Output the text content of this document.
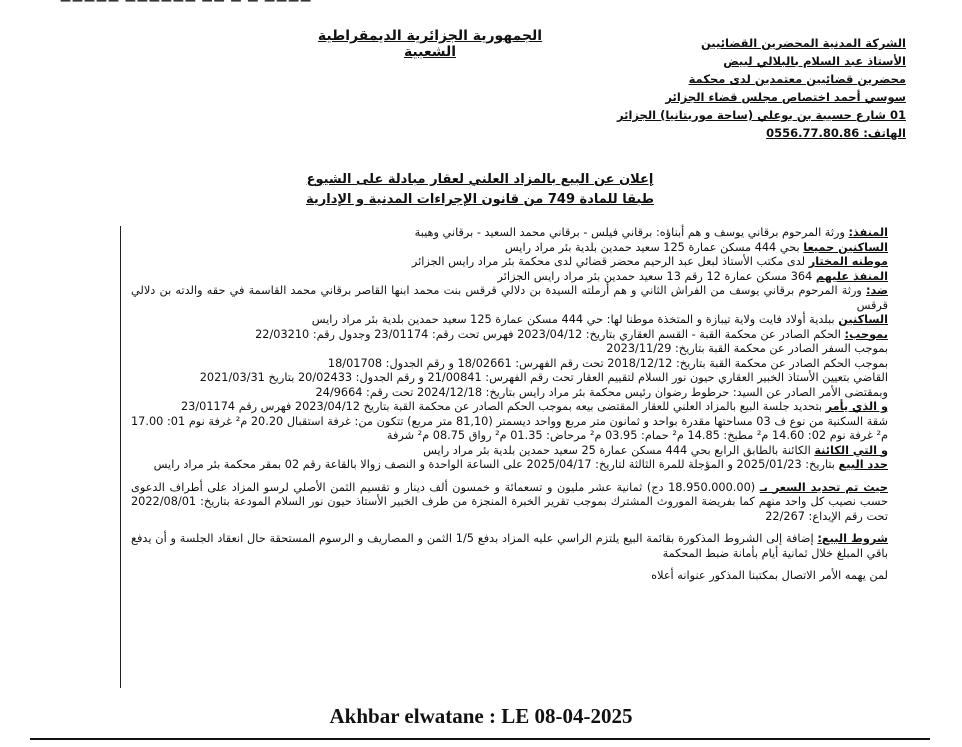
————— —————— —— — — ————
الجمهورية الجزائرية الديمقراطية الشعبية
الشركة المدنية المحضرين القضائيين
الأستاذ عبد السلام بالبلالي لبيض
محضرين قضائيين معتمدين لدى محكمة
سوسي أحمد اختصاص مجلس قضاء الجزائر
01 شارع حسيبة بن بوعلي (ساحة موريتانيا) الجزائر
الهاتف: 0556.77.80.86
إعلان عن البيع بالمزاد العلني لعقار مبادلة على الشيوع
طبقا للمادة 749 من قانون الإجراءات المدنية و الإدارية

المنفذ: ورثة المرحوم برقاني يوسف و هم أبناؤه: برقاني فيلس - برقاني محمد السعيد - برقاني وهيبة

الساكنين جميعا بحي 444 مسكن عمارة 125 سعيد حمدين بلدية بئر مراد رايس

موطنه المختار لدى مكتب الأستاذ لبعل عبد الرحيم محضر قضائي لدى محكمة بئر مراد رايس الجزائر

المنفذ عليهم 364 مسكن عمارة 12 رقم 13 سعيد حمدين بئر مراد رايس الجزائر

ضد: ورثة المرحوم برقاني يوسف من الفراش الثاني و هم أرملته السيدة بن دلالي قرقس بنت محمد ابنها القاصر برقاني محمد القاسمة في حقه والدته بن دلالي قرقس

الساكنين ببلدية أولاد فايت ولاية تيبازة و المتخذة موطنا لها: حي 444 مسكن عمارة 125 سعيد حمدين بلدية بئر مراد رايس

بموجب: الحكم الصادر عن محكمة القبة - القسم العقاري بتاريخ: 2023/04/12 فهرس تحت رقم: 23/01174 وجدول رقم: 22/03210

بموجب السفر الصادر عن محكمة القبة بتاريخ: 2023/11/29

بموجب الحكم الصادر عن محكمة القبة بتاريخ: 2018/12/12 تحت رقم الفهرس: 18/02661 و رقم الجدول: 18/01708

القاضي بتعيين الأستاذ الخبير العقاري حيون نور السلام لتقييم العقار تحت رقم الفهرس: 21/00841 و رقم الجدول: 20/02433 بتاريخ 2021/03/31

وبمقتضى الأمر الصادر عن السيد: حرطوط رضوان رئيس محكمة بئر مراد رايس بتاريخ: 2024/12/18 تحت رقم: 24/9664

و الذي يأمر بتحديد جلسة البيع بالمزاد العلني للعقار المقتضى بيعه بموجب الحكم الصادر عن محكمة القبة بتاريخ 2023/04/12 فهرس رقم 23/01174

شقة السكنية من نوع ف 03 مساحتها مقدرة بواحد و ثمانون متر مربع وواحد ديسمتر (81,10 متر مربع) تتكون من: غرفة استقبال 20.20 م² غرفة نوم 01: 17.00 م² غرفة نوم 02: 14.60 م² مطبخ: 14.85 م² حمام: 03.95 م² مرحاض: 01.35 م² رواق 08.75 م² شرفة

و التي الكائنة الكائنة بالطابق الرابع بحي 444 مسكن عمارة 25 سعيد حمدين بلدية بئر مراد رايس

حدد البيع بتاريخ: 2025/01/23 و المؤجلة للمرة الثالثة لتاريخ: 2025/04/17 على الساعة الواحدة و النصف زوالا بالقاعة رقم 02 بمقر محكمة بئر مراد رايس

حيث تم تحديد السعر بـ (18.950.000.00 دج) ثمانية عشر مليون و تسعمائة و خمسون ألف دينار و تقسيم الثمن الأصلي لرسو المزاد على أطراف الدعوى حسب نصيب كل واحد منهم كما بفريضة الموروث المشترك بموجب تقرير الخبرة المنجزة من طرف الخبير الأستاذ حيون نور السلام المودعة بتاريخ: 2022/08/01 تحت رقم الإيداع: 22/267

شروط البيع: إضافة إلى الشروط المذكورة بقائمة البيع يلتزم الراسي عليه المزاد بدفع 1/5 الثمن و المصاريف و الرسوم المستحقة حال انعقاد الجلسة و أن يدفع باقي المبلغ خلال ثمانية أيام بأمانة ضبط المحكمة

لمن يهمه الأمر الاتصال بمكتبنا المذكور عنوانه أعلاه

Akhbar elwatane : LE 08-04-2025
